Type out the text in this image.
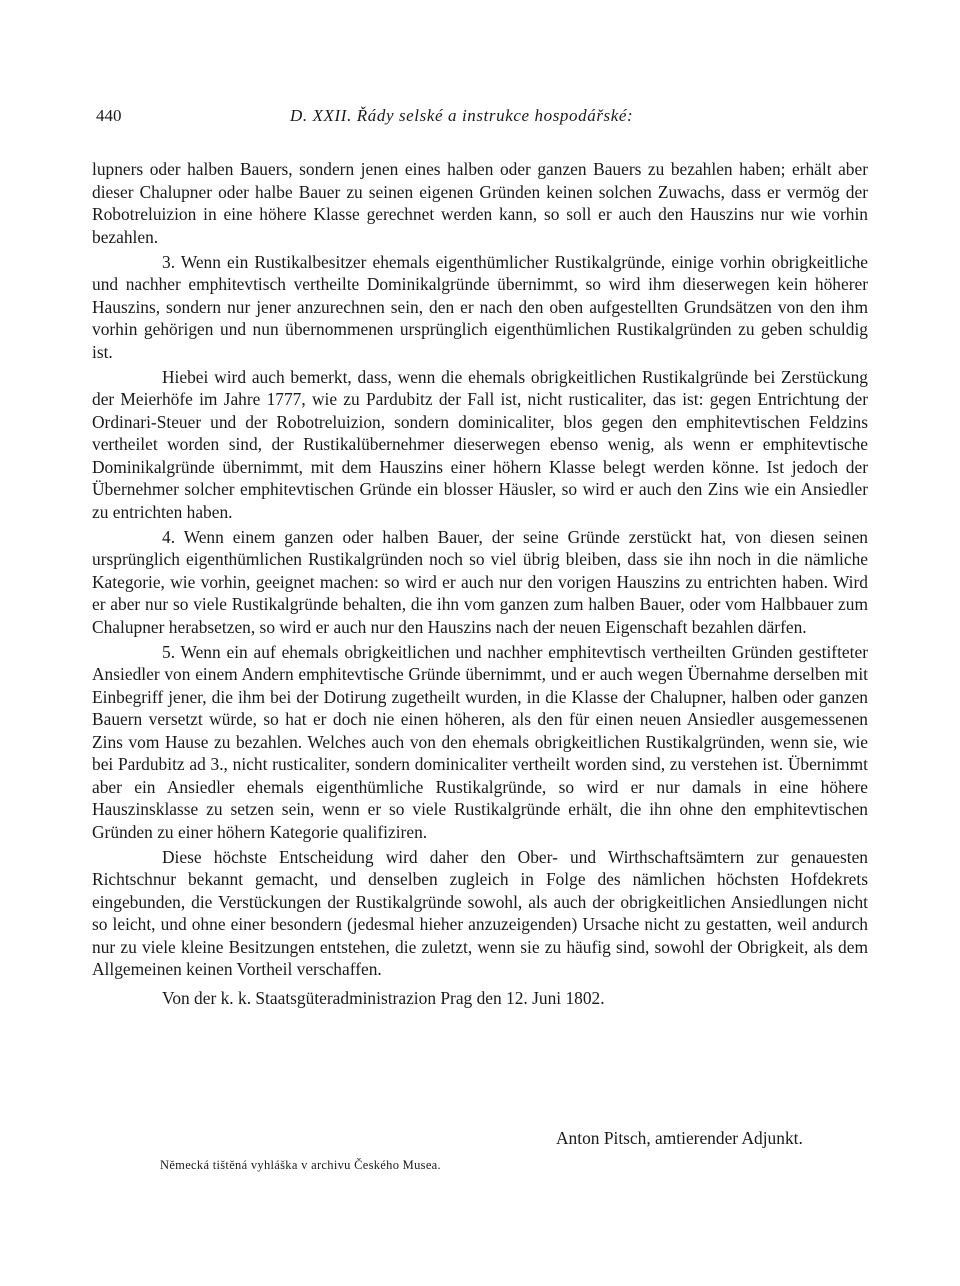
440	D. XXII. Řády selské a instrukce hospodářské:

lupners oder halben Bauers, sondern jenen eines halben oder ganzen Bauers zu bezahlen haben; erhält aber dieser Chalupner oder halbe Bauer zu seinen eigenen Gründen keinen solchen Zuwachs, dass er vermög der Robotreluizion in eine höhere Klasse gerechnet werden kann, so soll er auch den Hauszins nur wie vorhin bezahlen.

3. Wenn ein Rustikalbesitzer ehemals eigenthümlicher Rustikalgründe, einige vorhin obrigkeitliche und nachher emphitevtisch vertheilte Dominikalgründe übernimmt, so wird ihm dieserwegen kein höherer Hauszins, sondern nur jener anzurechnen sein, den er nach den oben aufgestellten Grundsätzen von den ihm vorhin gehörigen und nun übernommenen ursprünglich eigenthümlichen Rustikalgründen zu geben schuldig ist.

Hiebei wird auch bemerkt, dass, wenn die ehemals obrigkeitlichen Rustikalgründe bei Zerstückung der Meierhöfe im Jahre 1777, wie zu Pardubitz der Fall ist, nicht rusticaliter, das ist: gegen Entrichtung der Ordinari-Steuer und der Robotreluizion, sondern dominicaliter, blos gegen den emphitevtischen Feldzins vertheilet worden sind, der Rustikalübernehmer dieserwegen ebenso wenig, als wenn er emphitevtische Dominikalgründe übernimmt, mit dem Hauszins einer höhern Klasse belegt werden könne. Ist jedoch der Übernehmer solcher emphitevtischen Gründe ein blosser Häusler, so wird er auch den Zins wie ein Ansiedler zu entrichten haben.

4. Wenn einem ganzen oder halben Bauer, der seine Gründe zerstückt hat, von diesen seinen ursprünglich eigenthümlichen Rustikalgründen noch so viel übrig bleiben, dass sie ihn noch in die nämliche Kategorie, wie vorhin, geeignet machen: so wird er auch nur den vorigen Hauszins zu entrichten haben. Wird er aber nur so viele Rustikalgründe behalten, die ihn vom ganzen zum halben Bauer, oder vom Halbbauer zum Chalupner herabsetzen, so wird er auch nur den Hauszins nach der neuen Eigenschaft bezahlen därfen.

5. Wenn ein auf ehemals obrigkeitlichen und nachher emphitevtisch vertheilten Gründen gestifteter Ansiedler von einem Andern emphitevtische Gründe übernimmt, und er auch wegen Übernahme derselben mit Einbegriff jener, die ihm bei der Dotirung zugetheilt wurden, in die Klasse der Chalupner, halben oder ganzen Bauern versetzt würde, so hat er doch nie einen höheren, als den für einen neuen Ansiedler ausgemessenen Zins vom Hause zu bezahlen. Welches auch von den ehemals obrigkeitlichen Rustikalgründen, wenn sie, wie bei Pardubitz ad 3., nicht rusticaliter, sondern dominicaliter vertheilt worden sind, zu verstehen ist. Übernimmt aber ein Ansiedler ehemals eigenthümliche Rustikalgründe, so wird er nur damals in eine höhere Hauszinsklasse zu setzen sein, wenn er so viele Rustikalgründe erhält, die ihn ohne den emphitevtischen Gründen zu einer höhern Kategorie qualifiziren.

Diese höchste Entscheidung wird daher den Ober- und Wirthschaftsämtern zur genauesten Richtschnur bekannt gemacht, und denselben zugleich in Folge des nämlichen höchsten Hofdekrets eingebunden, die Verstückungen der Rustikalgründe sowohl, als auch der obrigkeitlichen Ansiedlungen nicht so leicht, und ohne einer besondern (jedesmal hieher anzuzeigenden) Ursache nicht zu gestatten, weil andurch nur zu viele kleine Besitzungen entstehen, die zuletzt, wenn sie zu häufig sind, sowohl der Obrigkeit, als dem Allgemeinen keinen Vortheil verschaffen.

Von der k. k. Staatsgüteradministrazion Prag den 12. Juni 1802.

Anton Pitsch, amtierender Adjunkt.
Německá tištěná vyhláška v archivu Českého Musea.
